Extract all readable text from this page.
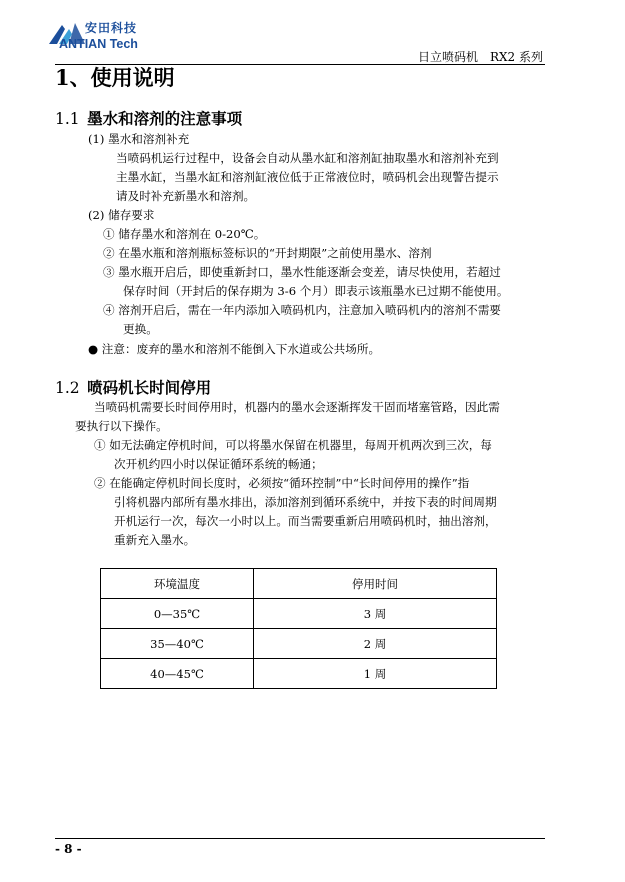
安田科技
ANTIAN Tech
日立喷码机　RX2 系列
1、使用说明
1.1 墨水和溶剂的注意事项
(1) 墨水和溶剂补充
当喷码机运行过程中，设备会自动从墨水缸和溶剂缸抽取墨水和溶剂补充到
主墨水缸，当墨水缸和溶剂缸液位低于正常液位时，喷码机会出现警告提示
请及时补充新墨水和溶剂。
(2) 储存要求
① 储存墨水和溶剂在 0-20℃。
② 在墨水瓶和溶剂瓶标签标识的“开封期限”之前使用墨水、溶剂
③ 墨水瓶开启后，即使重新封口，墨水性能逐渐会变差，请尽快使用，若超过
保存时间（开封后的保存期为 3-6 个月）即表示该瓶墨水已过期不能使用。
④ 溶剂开启后，需在一年内添加入喷码机内，注意加入喷码机内的溶剂不需要
更换。
● 注意：废弃的墨水和溶剂不能倒入下水道或公共场所。
1.2 喷码机长时间停用
当喷码机需要长时间停用时，机器内的墨水会逐渐挥发干固而堵塞管路，因此需
要执行以下操作。
① 如无法确定停机时间，可以将墨水保留在机器里，每周开机两次到三次，每
次开机约四小时以保证循环系统的畅通；
② 在能确定停机时间长度时，必须按“循环控制”中“长时间停用的操作”指
引将机器内部所有墨水排出，添加溶剂到循环系统中，并按下表的时间周期
开机运行一次，每次一小时以上。而当需要重新启用喷码机时，抽出溶剂，
重新充入墨水。
环境温度	停用时间
0—35℃	3 周
35—40℃	2 周
40—45℃	1 周
- 8 -
